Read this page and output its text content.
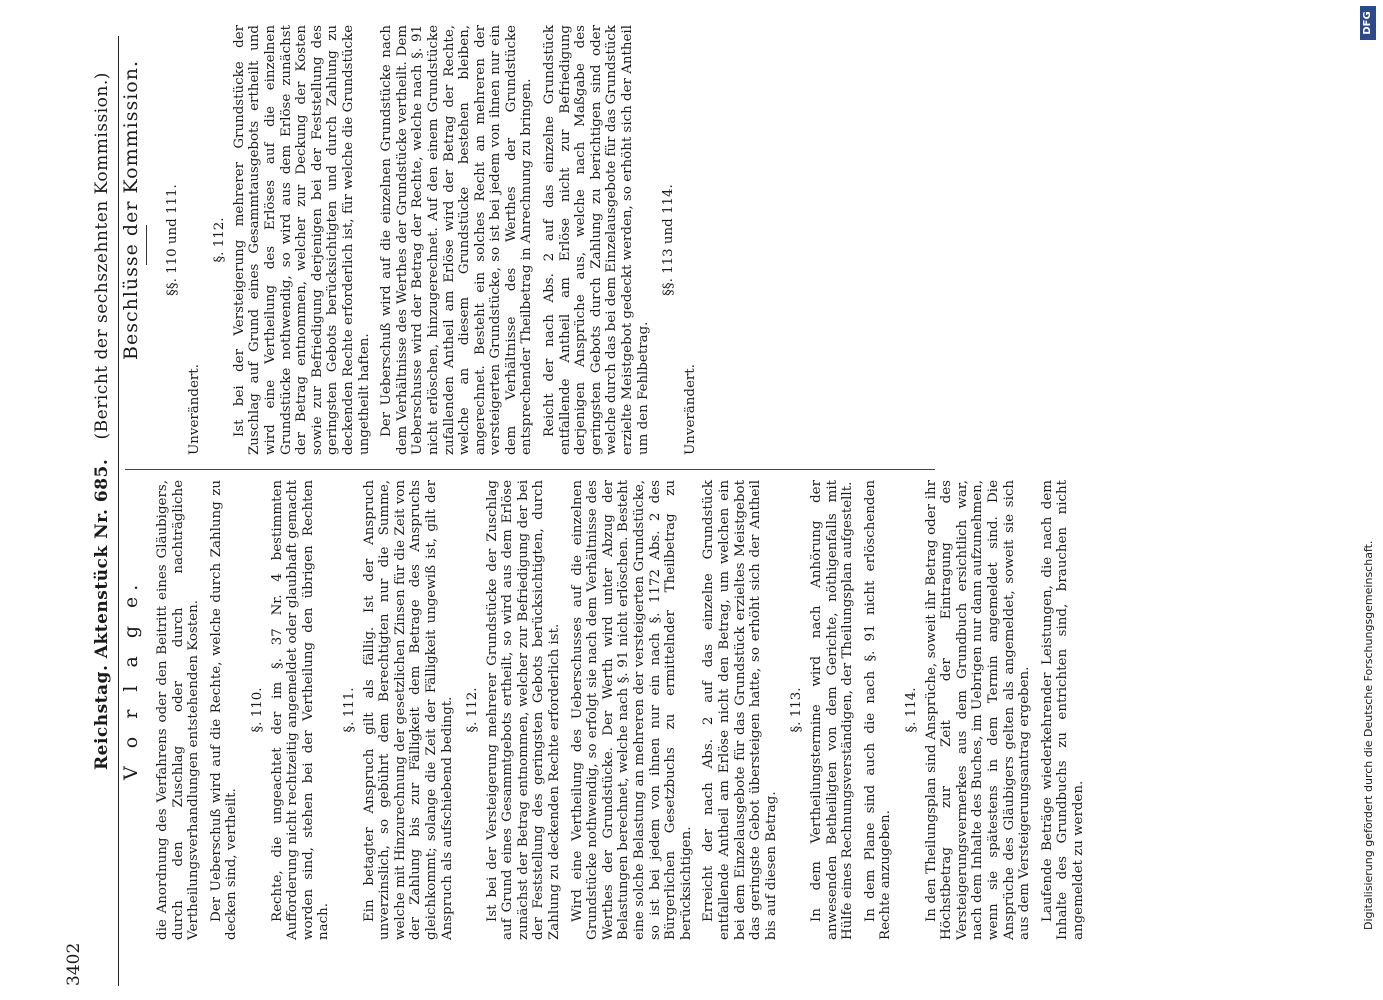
3402
Reichstag. Aktenstück Nr. 685.   (Bericht der sechszehnten Kommission.)
V o r l a g e. die Anordnung des Verfahrens oder den Beitritt eines Gläubigers, durch den Zuschlag oder durch nachträgliche Vertheilungsverhandlungen entstehenden Kosten. Der Ueberschuß wird auf die Rechte, welche durch Zahlung zu decken sind, vertheilt.

§. 110. Rechte, die ungeachtet der im §. 37 Nr. 4 bestimmten Aufforderung nicht rechtzeitig angemeldet oder glaubhaft gemacht worden sind, stehen bei der Vertheilung den übrigen Rechten nach.

§. 111. Ein betagter Anspruch gilt als fällig. Ist der Anspruch unverzinslich, so gebührt dem Berechtigten nur die Summe, welche mit Hinzurechnung der gesetzlichen Zinsen für die Zeit von der Zahlung bis zur Fälligkeit dem Betrage des Anspruchs gleichkommt; solange die Zeit der Fälligkeit ungewiß ist, gilt der Anspruch als aufschiebend bedingt. §. 112. Ist bei der Versteigerung mehrerer Grundstücke der Zuschlag auf Grund eines Gesammtgebots ertheilt, so wird aus dem Erlöse zunächst der Betrag entnommen, welcher zur Befriedigung der bei der Feststellung des geringsten Gebots berücksichtigten, durch Zahlung zu deckenden Rechte erforderlich ist. Wird eine Vertheilung des Ueberschusses auf die einzelnen Grundstücke nothwendig, so erfolgt sie nach dem Verhältnisse des Werthes der Grundstücke. Der Werth wird unter Abzug der Belastungen berechnet, welche nach §. 91 nicht erlöschen. Besteht eine solche Belastung an mehreren der versteigerten Grundstücke, so ist bei jedem von ihnen nur ein nach §. 1172 Abs. 2 des Bürgerlichen Gesetzbuchs zu ermittelnder Theilbetrag zu berücksichtigen. Erreicht der nach Abs. 2 auf das einzelne Grundstück entfallende Antheil am Erlöse nicht den Betrag, um welchen ein bei dem Einzelausgebote für das Grundstück erzieltes Meistgebot das geringste Gebot übersteigen hatte, so erhöht sich der Antheil bis auf diesen Betrag.

§. 113. In dem Vertheilungstermine wird nach Anhörung der anwesenden Betheiligten von dem Gerichte, nöthigenfalls mit Hülfe eines Rechnungsverständigen, der Theilungsplan aufgestellt. In dem Plane sind auch die nach §. 91 nicht erlöschenden Rechte anzugeben.

§. 114. In den Theilungsplan sind Ansprüche, soweit ihr Betrag oder ihr Höchstbetrag zur Zeit der Eintragung des Versteigerungsvermerkes aus dem Grundbuch ersichtlich war, nach dem Inhalte des Buches, im Uebrigen nur dann aufzunehmen, wenn sie spätestens in dem Termin angemeldet sind. Die Ansprüche des Gläubigers gelten als angemeldet, soweit sie sich aus dem Versteigerungsantrag ergeben. Laufende Beträge wiederkehrender Leistungen, die nach dem Inhalte des Grundbuchs zu entrichten sind, brauchen nicht angemeldet zu werden.

Beschlüsse der Kommission. §§. 110 und 111.

Unverändert.

§. 112. Ist bei der Versteigerung mehrerer Grundstücke der Zuschlag auf Grund eines Gesammtausgebots ertheilt und wird eine Vertheilung des Erlöses auf die einzelnen Grundstücke nothwendig, so wird aus dem Erlöse zunächst der Betrag entnommen, welcher zur Deckung der Kosten sowie zur Befriedigung derjenigen bei der Feststellung des geringsten Gebots berücksichtigten und durch Zahlung zu deckenden Rechte erforderlich ist, für welche die Grundstücke ungetheilt haften. Der Ueberschuß wird auf die einzelnen Grundstücke nach dem Verhältnisse des Werthes der Grundstücke vertheilt. Dem Ueberschusse wird der Betrag der Rechte, welche nach §. 91 nicht erlöschen, hinzugerechnet. Auf den einem Grundstücke zufallenden Antheil am Erlöse wird der Betrag der Rechte, welche an diesem Grundstücke bestehen bleiben, angerechnet. Besteht ein solches Recht an mehreren der versteigerten Grundstücke, so ist bei jedem von ihnen nur ein dem Verhältnisse des Werthes der Grundstücke entsprechender Theilbetrag in Anrechnung zu bringen. Reicht der nach Abs. 2 auf das einzelne Grundstück entfallende Antheil am Erlöse nicht zur Befriedigung derjenigen Ansprüche aus, welche nach Maßgabe des geringsten Gebots durch Zahlung zu berichtigen sind oder welche durch das bei dem Einzelausgebote für das Grundstück erzielte Meistgebot gedeckt werden, so erhöht sich der Antheil um den Fehlbetrag.

§§. 113 und 114.

Unverändert.

Digitalisierung gefördert durch die Deutsche Forschungsgemeinschaft.
DFG
